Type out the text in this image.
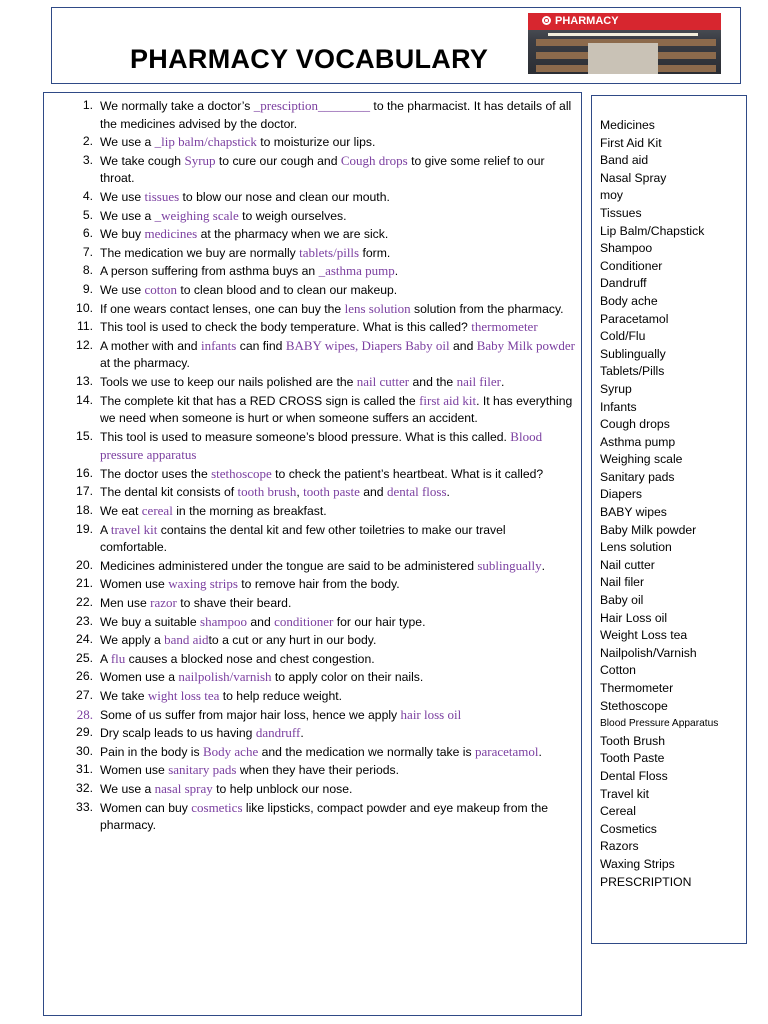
PHARMACY VOCABULARY
PHARMACY
1. We normally take a doctor’s _presciption________ to the pharmacist. It has details of all the medicines advised by the doctor.
2. We use a _lip balm/chapstick to moisturize our lips.
3. We take cough Syrup to cure our cough and Cough drops to give some relief to our throat.
4. We use tissues to blow our nose and clean our mouth.
5. We use a _weighing scale to weigh ourselves.
6. We buy medicines at the pharmacy when we are sick.
7. The medication we buy are normally tablets/pills form.
8. A person suffering from asthma buys an _asthma pump.
9. We use cotton to clean blood and to clean our makeup.
10. If one wears contact lenses, one can buy the lens solution solution from the pharmacy.
11. This tool is used to check the body temperature. What is this called? thermometer
12. A mother with and infants can find BABY wipes, Diapers Baby oil and Baby Milk powder at the pharmacy.
13. Tools we use to keep our nails polished are the nail cutter and the nail filer.
14. The complete kit that has a RED CROSS sign is called the first aid kit. It has everything we need when someone is hurt or when someone suffers an accident.
15. This tool is used to measure someone’s blood pressure. What is this called. Blood pressure apparatus
16. The doctor uses the stethoscope to check the patient’s heartbeat. What is it called?
17. The dental kit consists of tooth brush, tooth paste and dental floss.
18. We eat cereal in the morning as breakfast.
19. A travel kit contains the dental kit and few other toiletries to make our travel comfortable.
20. Medicines administered under the tongue are said to be administered sublingually.
21. Women use waxing strips to remove hair from the body.
22. Men use razor to shave their beard.
23. We buy a suitable shampoo and conditioner for our hair type.
24. We apply a band aidto a cut or any hurt in our body.
25. A flu causes a blocked nose and chest congestion.
26. Women use a nailpolish/varnish to apply color on their nails.
27. We take wight loss tea to help reduce weight.
28. Some of us suffer from major hair loss, hence we apply hair loss oil
29. Dry scalp leads to us having dandruff.
30. Pain in the body is Body ache and the medication we normally take is paracetamol.
31. Women use sanitary pads when they have their periods.
32. We use a nasal spray to help unblock our nose.
33. Women can buy cosmetics like lipsticks, compact powder and eye makeup from the pharmacy.
Medicines
First Aid Kit
Band aid
Nasal Spray
moy
Tissues
Lip Balm/Chapstick
Shampoo
Conditioner
Dandruff
Body ache
Paracetamol
Cold/Flu
Sublingually
Tablets/Pills
Syrup
Infants
Cough drops
Asthma pump
Weighing scale
Sanitary pads
Diapers
BABY wipes
Baby Milk powder
Lens solution
Nail cutter
Nail filer
Baby oil
Hair Loss oil
Weight Loss tea
Nailpolish/Varnish
Cotton
Thermometer
Stethoscope
Blood Pressure Apparatus
Tooth Brush
Tooth Paste
Dental Floss
Travel kit
Cereal
Cosmetics
Razors
Waxing Strips
PRESCRIPTION
